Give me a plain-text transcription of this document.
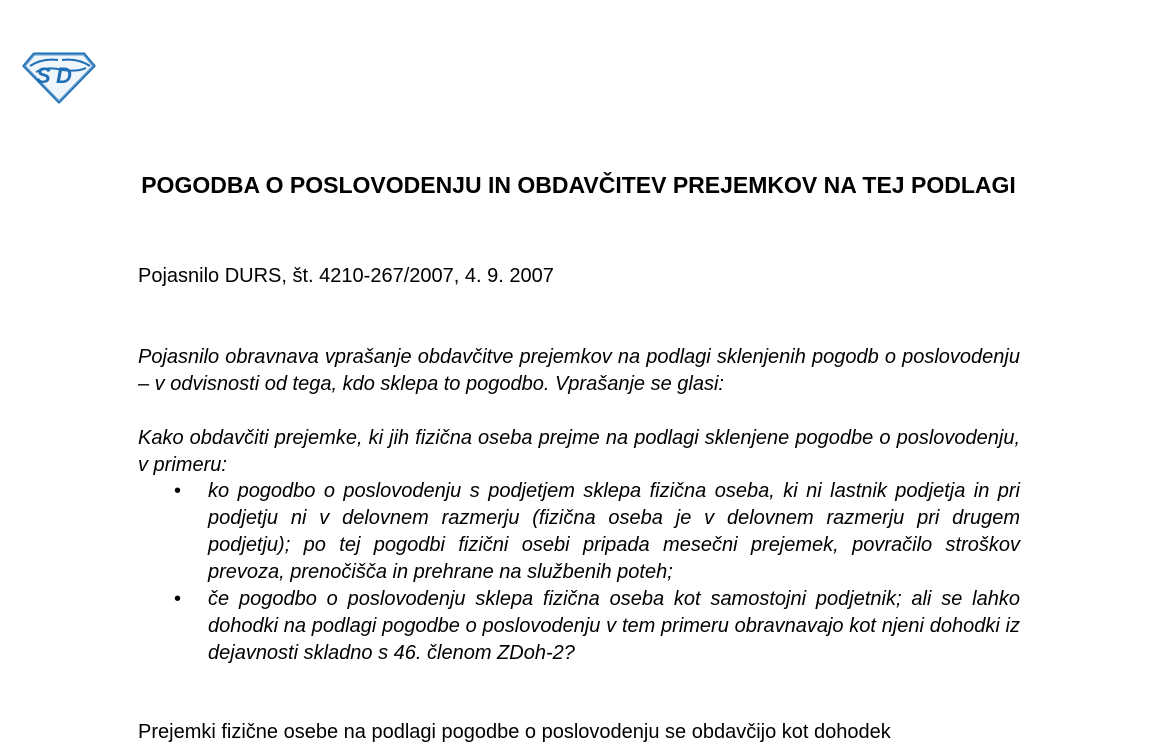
S D
POGODBA O POSLOVODENJU IN OBDAVČITEV PREJEMKOV NA TEJ PODLAGI
Pojasnilo DURS, št. 4210-267/2007, 4. 9. 2007
Pojasnilo obravnava vprašanje obdavčitve prejemkov na podlagi sklenjenih pogodb o poslovodenju – v odvisnosti od tega, kdo sklepa to pogodbo. Vprašanje se glasi:
Kako obdavčiti prejemke, ki jih fizična oseba prejme na podlagi sklenjene pogodbe o poslovodenju, v primeru:
• ko pogodbo o poslovodenju s podjetjem sklepa fizična oseba, ki ni lastnik podjetja in pri podjetju ni v delovnem razmerju (fizična oseba je v delovnem razmerju pri drugem podjetju); po tej pogodbi fizični osebi pripada mesečni prejemek, povračilo stroškov prevoza, prenočišča in prehrane na službenih poteh;
• če pogodbo o poslovodenju sklepa fizična oseba kot samostojni podjetnik; ali se lahko dohodki na podlagi pogodbe o poslovodenju v tem primeru obravnavajo kot njeni dohodki iz dejavnosti skladno s 46. členom ZDoh-2?
Prejemki fizične osebe na podlagi pogodbe o poslovodenju se obdavčijo kot dohodek
